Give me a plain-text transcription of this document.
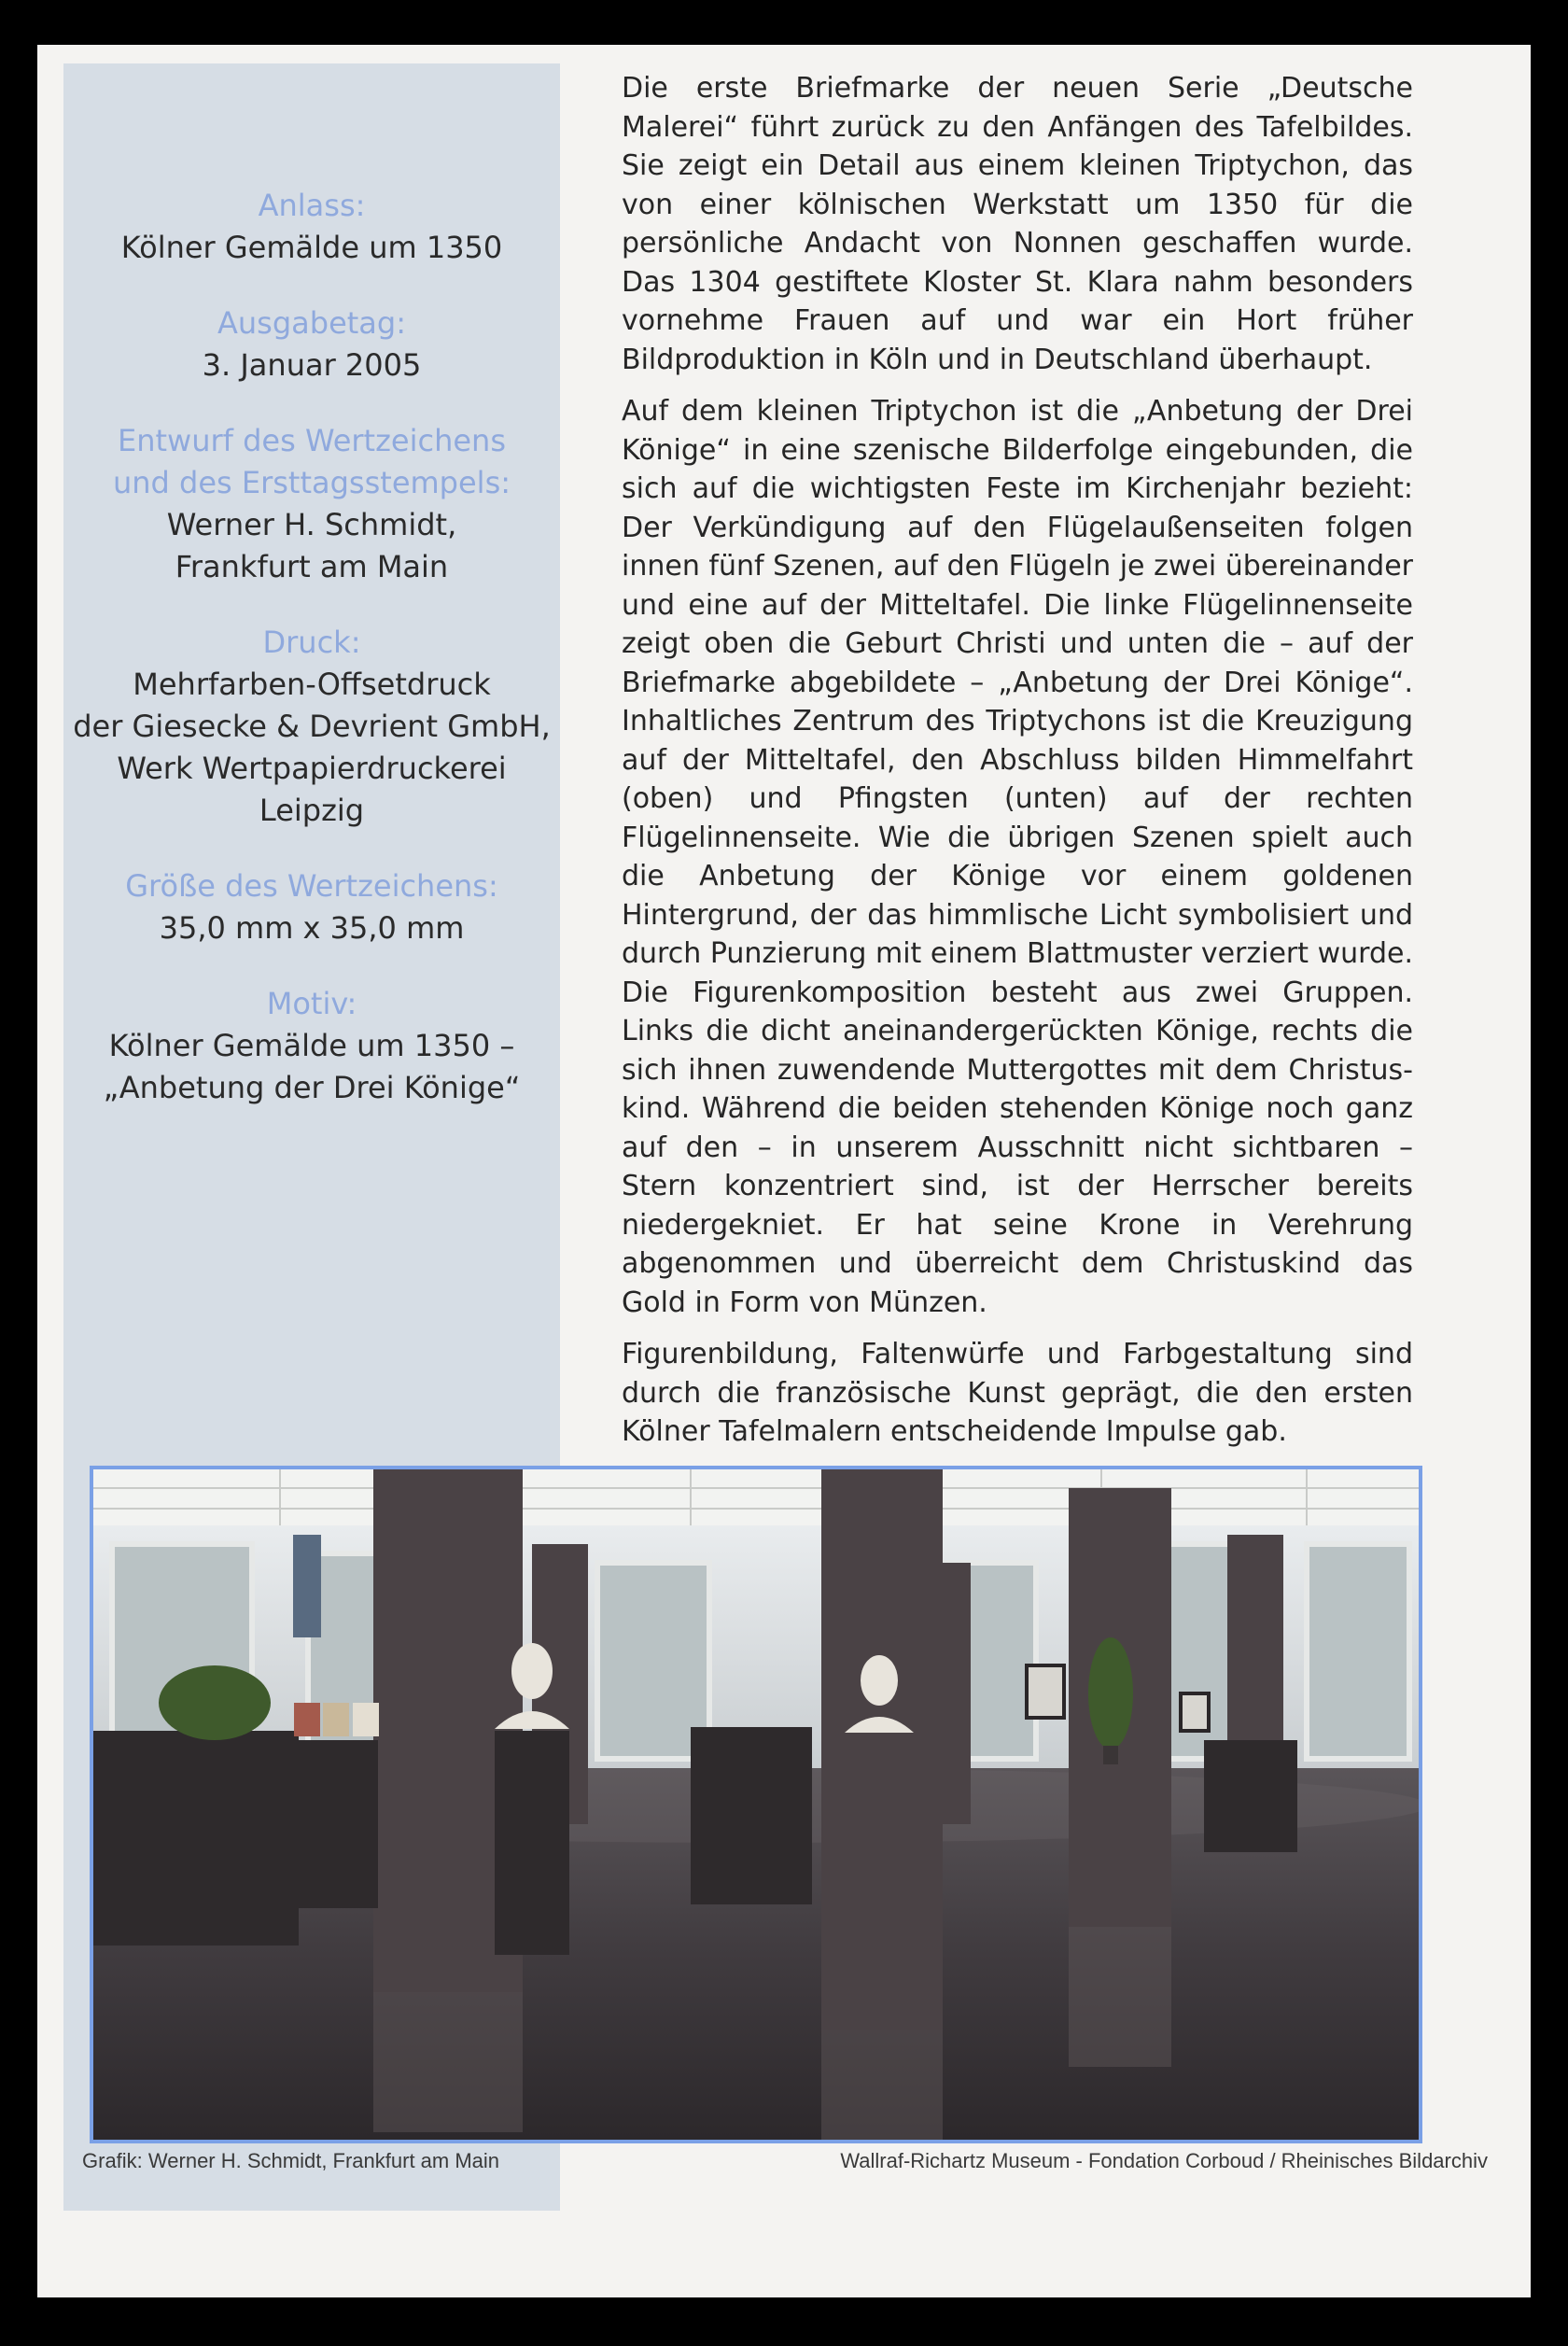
Anlass:
Kölner Gemälde um 1350
Ausgabetag:
3. Januar 2005
Entwurf des Wertzeichens
und des Ersttagsstempels:
Werner H. Schmidt,
Frankfurt am Main
Druck:
Mehrfarben-Offsetdruck
der Giesecke & Devrient GmbH,
Werk Wertpapierdruckerei
Leipzig
Größe des Wertzeichens:
35,0 mm x 35,0 mm
Motiv:
Kölner Gemälde um 1350 –
„Anbetung der Drei Könige“

Die erste Briefmarke der neuen Serie „Deutsche Malerei“ führt zurück zu den Anfängen des Tafelbildes. Sie zeigt ein Detail aus einem kleinen Triptychon, das von einer kölnischen Werkstatt um 1350 für die persönliche Andacht von Nonnen geschaffen wurde. Das 1304 gestiftete Kloster St. Klara nahm besonders vornehme Frauen auf und war ein Hort früher Bildproduktion in Köln und in Deutschland überhaupt.

Auf dem kleinen Triptychon ist die „Anbetung der Drei Könige“ in eine szenische Bilderfolge eingebunden, die sich auf die wichtigsten Feste im Kirchenjahr bezieht: Der Verkündigung auf den Flügelaußenseiten folgen innen fünf Szenen, auf den Flügeln je zwei übereinander und eine auf der Mitteltafel. Die linke Flügelinnenseite zeigt oben die Geburt Christi und unten die – auf der Briefmarke abgebildete – „Anbetung der Drei Könige“. Inhaltliches Zentrum des Triptychons ist die Kreuzigung auf der Mitteltafel, den Abschluss bilden Himmelfahrt (oben) und Pfingsten (unten) auf der rechten Flügelinnenseite. Wie die übrigen Szenen spielt auch die Anbetung der Könige vor einem goldenen Hintergrund, der das himmlische Licht symbolisiert und durch Punzierung mit einem Blattmuster verziert wurde. Die Figurenkomposition besteht aus zwei Gruppen. Links die dicht aneinandergerückten Könige, rechts die sich ihnen zuwendende Muttergottes mit dem Christuskind. Während die beiden stehenden Könige noch ganz auf den – in unserem Ausschnitt nicht sichtbaren – Stern konzentriert sind, ist der Herrscher bereits niedergekniet. Er hat seine Krone in Verehrung abgenommen und überreicht dem Christuskind das Gold in Form von Münzen.

Figurenbildung, Faltenwürfe und Farbgestaltung sind durch die französische Kunst geprägt, die den ersten Kölner Tafelmalern entscheidende Impulse gab.

Grafik: Werner H. Schmidt, Frankfurt am Main	Wallraf-Richartz Museum - Fondation Corboud / Rheinisches Bildarchiv
